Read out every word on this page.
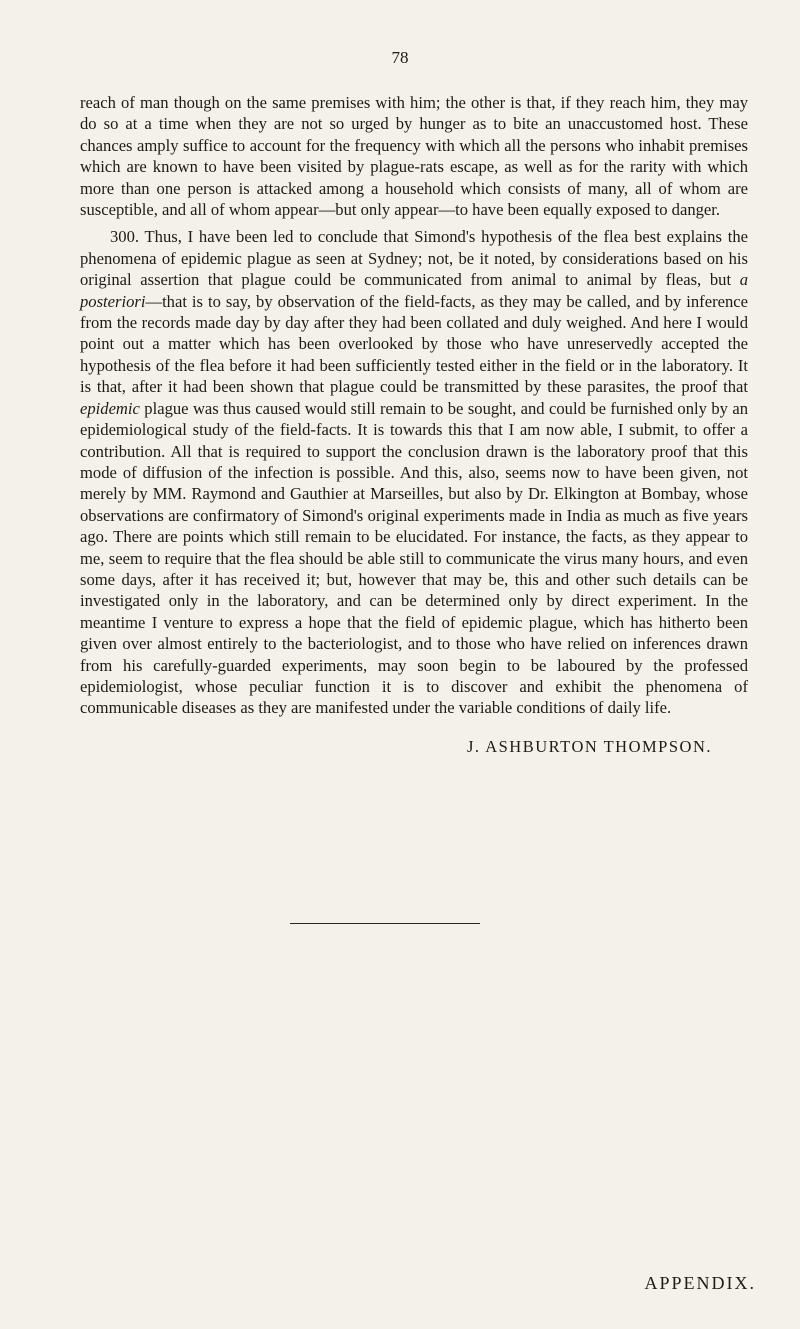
78

reach of man though on the same premises with him; the other is that, if they reach him, they may do so at a time when they are not so urged by hunger as to bite an unaccustomed host. These chances amply suffice to account for the frequency with which all the persons who inhabit premises which are known to have been visited by plague-rats escape, as well as for the rarity with which more than one person is attacked among a household which consists of many, all of whom are susceptible, and all of whom appear—but only appear—to have been equally exposed to danger.

300. Thus, I have been led to conclude that Simond's hypothesis of the flea best explains the phenomena of epidemic plague as seen at Sydney; not, be it noted, by considerations based on his original assertion that plague could be communicated from animal to animal by fleas, but a posteriori—that is to say, by observation of the field-facts, as they may be called, and by inference from the records made day by day after they had been collated and duly weighed. And here I would point out a matter which has been overlooked by those who have unreservedly accepted the hypothesis of the flea before it had been sufficiently tested either in the field or in the laboratory. It is that, after it had been shown that plague could be transmitted by these parasites, the proof that epidemic plague was thus caused would still remain to be sought, and could be furnished only by an epidemiological study of the field-facts. It is towards this that I am now able, I submit, to offer a contribution. All that is required to support the conclusion drawn is the laboratory proof that this mode of diffusion of the infection is possible. And this, also, seems now to have been given, not merely by MM. Raymond and Gauthier at Marseilles, but also by Dr. Elkington at Bombay, whose observations are confirmatory of Simond's original experiments made in India as much as five years ago. There are points which still remain to be elucidated. For instance, the facts, as they appear to me, seem to require that the flea should be able still to communicate the virus many hours, and even some days, after it has received it; but, however that may be, this and other such details can be investigated only in the laboratory, and can be determined only by direct experiment. In the meantime I venture to express a hope that the field of epidemic plague, which has hitherto been given over almost entirely to the bacteriologist, and to those who have relied on inferences drawn from his carefully-guarded experiments, may soon begin to be laboured by the professed epidemiologist, whose peculiar function it is to discover and exhibit the phenomena of communicable diseases as they are manifested under the variable conditions of daily life.

J. ASHBURTON THOMPSON.
APPENDIX.
